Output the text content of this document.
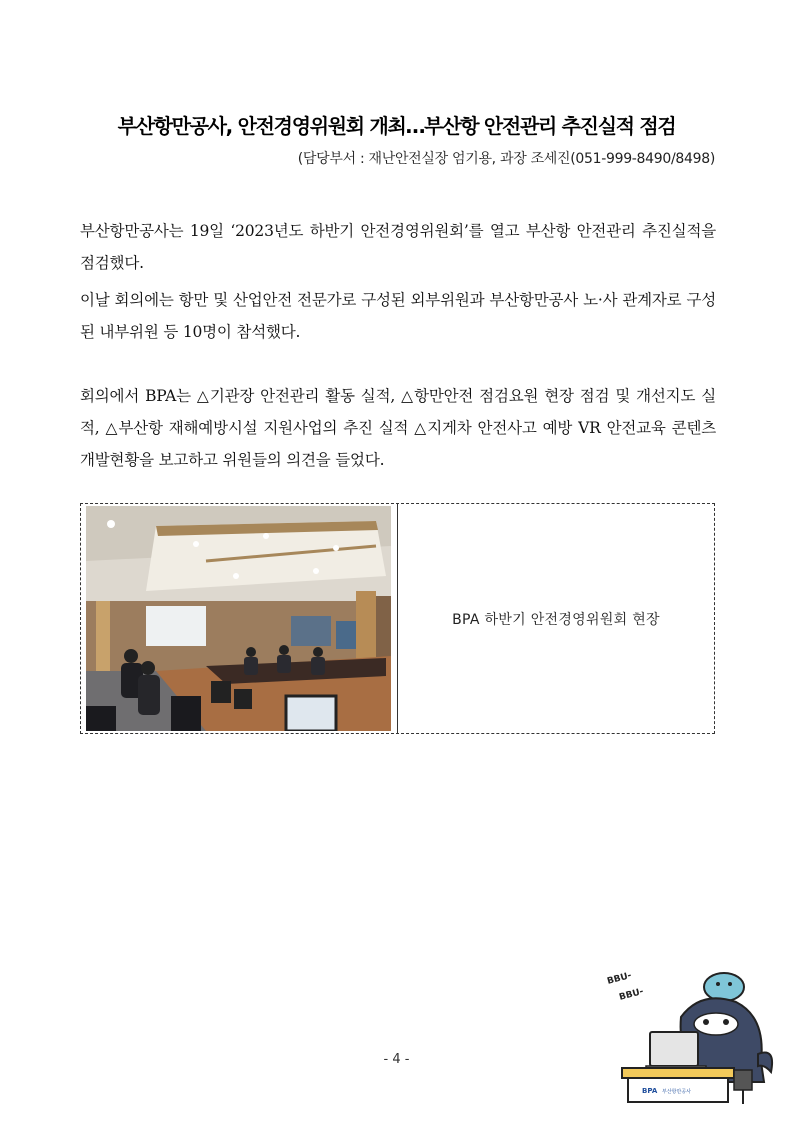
부산항만공사, 안전경영위원회 개최…부산항 안전관리 추진실적 점검
(담당부서 : 재난안전실장 엄기용, 과장 조세진(051-999-8490/8498)

부산항만공사는 19일 ‘2023년도 하반기 안전경영위원회’를 열고 부산항 안전관리 추진실적을 점검했다.

이날 회의에는 항만 및 산업안전 전문가로 구성된 외부위원과 부산항만공사 노·사 관계자로 구성된 내부위원 등 10명이 참석했다.

회의에서 BPA는 △기관장 안전관리 활동 실적, △항만안전 점검요원 현장 점검 및 개선지도 실적, △부산항 재해예방시설 지원사업의 추진 실적 △지게차 안전사고 예방 VR 안전교육 콘텐츠 개발현황을 보고하고 위원들의 의견을 들었다.

BPA 하반기 안전경영위원회 현장
- 4 -
BBU-
BBU-
BPA 부산항만공사
